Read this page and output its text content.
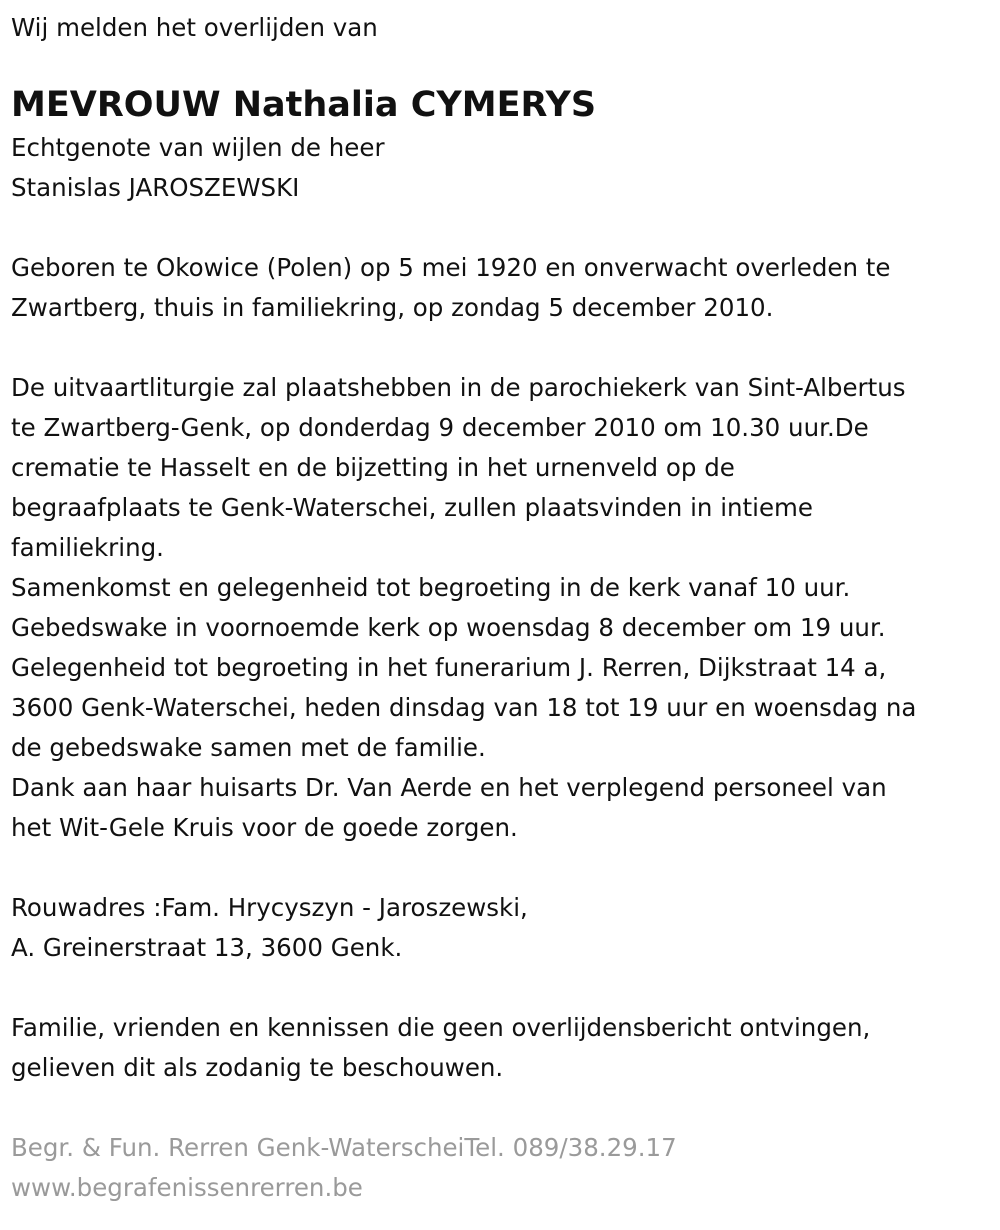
Wij melden het overlijden van

MEVROUW Nathalia CYMERYS

Echtgenote van wijlen de heer

Stanislas JAROSZEWSKI

Geboren te Okowice (Polen) op 5 mei 1920 en onverwacht overleden te

Zwartberg, thuis in familiekring, op zondag 5 december 2010.

De uitvaartliturgie zal plaatshebben in de parochiekerk van Sint-Albertus

te Zwartberg-Genk, op donderdag 9 december 2010 om 10.30 uur.De

crematie te Hasselt en de bijzetting in het urnenveld op de

begraafplaats te Genk-Waterschei, zullen plaatsvinden in intieme

familiekring.

Samenkomst en gelegenheid tot begroeting in de kerk vanaf 10 uur.

Gebedswake in voornoemde kerk op woensdag 8 december om 19 uur.

Gelegenheid tot begroeting in het funerarium J. Rerren, Dijkstraat 14 a,

3600 Genk-Waterschei, heden dinsdag van 18 tot 19 uur en woensdag na

de gebedswake samen met de familie.

Dank aan haar huisarts Dr. Van Aerde en het verplegend personeel van

het Wit-Gele Kruis voor de goede zorgen.

Rouwadres :Fam. Hrycyszyn - Jaroszewski,

A. Greinerstraat 13, 3600 Genk.

Familie, vrienden en kennissen die geen overlijdensbericht ontvingen,

gelieven dit als zodanig te beschouwen.

Begr. & Fun. Rerren Genk-WaterscheiTel. 089/38.29.17

www.begrafenissenrerren.be
